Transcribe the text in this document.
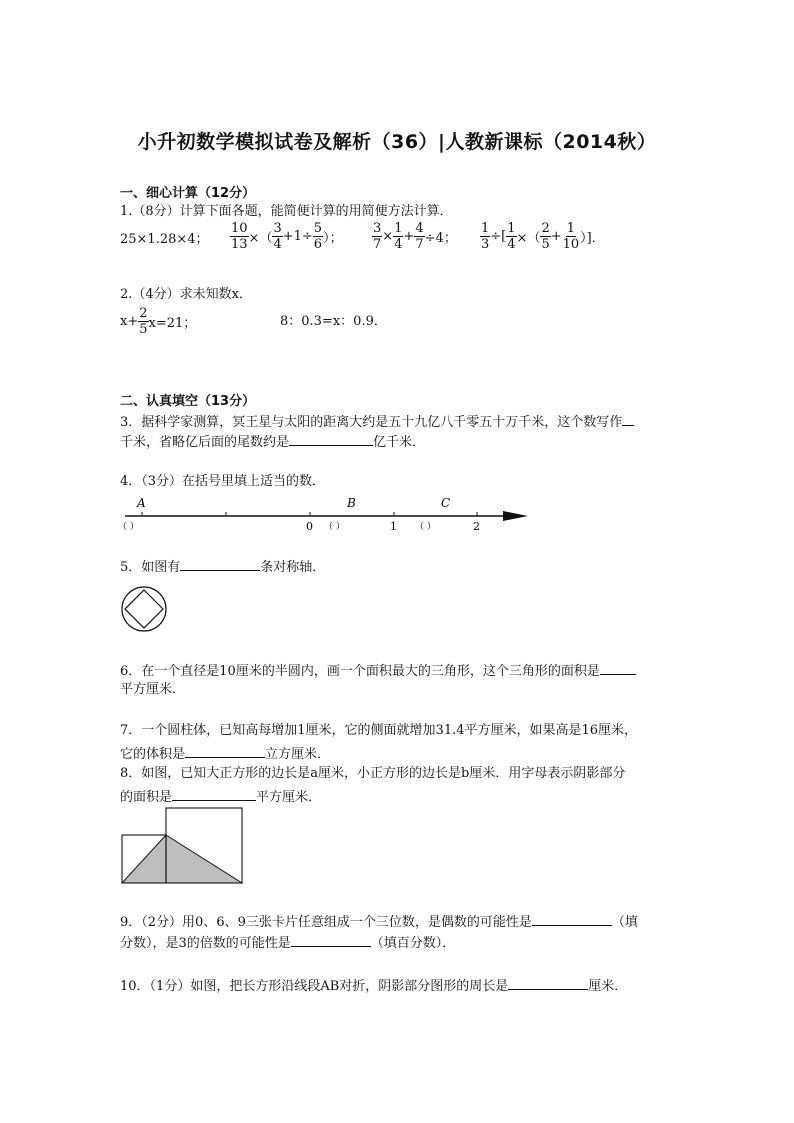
小升初数学模拟试卷及解析（36）|人教新课标（2014秋）
一、细心计算（12分）
1.（8分）计算下面各题，能简便计算的用简便方法计算．
25×1.28×4； $\frac{10}{13}$ ×（ $\frac{3}{4} +1\div \frac{5}{6}$ ）； $\frac{3}{7} \times \frac{1}{4} + \frac{4}{7} \div 4$； $\frac{1}{3}$ ÷[ $\frac{1}{4}$ ×（ $\frac{2}{5} + \frac{1}{10}$ ）]．
2.（4分）求未知数x．
$x+ \frac{2}{5} x=21$；	8：0.3=x：0.9．
二、认真填空（13分）
3．据科学家测算，冥王星与太阳的距离大约是五十九亿八千零五十万千米，这个数写作
千米，省略亿后面的尾数约是	亿千米．
4．（3分）在括号里填上适当的数．
A	B	C
0	1	2
（ ）	（ ）	（ ）
5．如图有	条对称轴．
6．在一个直径是10厘米的半圆内，画一个面积最大的三角形，这个三角形的面积是
平方厘米．
7．一个圆柱体，已知高每增加1厘米，它的侧面就增加31.4平方厘米，如果高是16厘米，
它的体积是	立方厘米．
8．如图，已知大正方形的边长是a厘米，小正方形的边长是b厘米．用字母表示阴影部分
的面积是	平方厘米．
9．（2分）用0、6、9三张卡片任意组成一个三位数，是偶数的可能性是	（填
分数），是3的倍数的可能性是	（填百分数）．
10．（1分）如图，把长方形沿线段AB对折，阴影部分图形的周长是	厘米．
